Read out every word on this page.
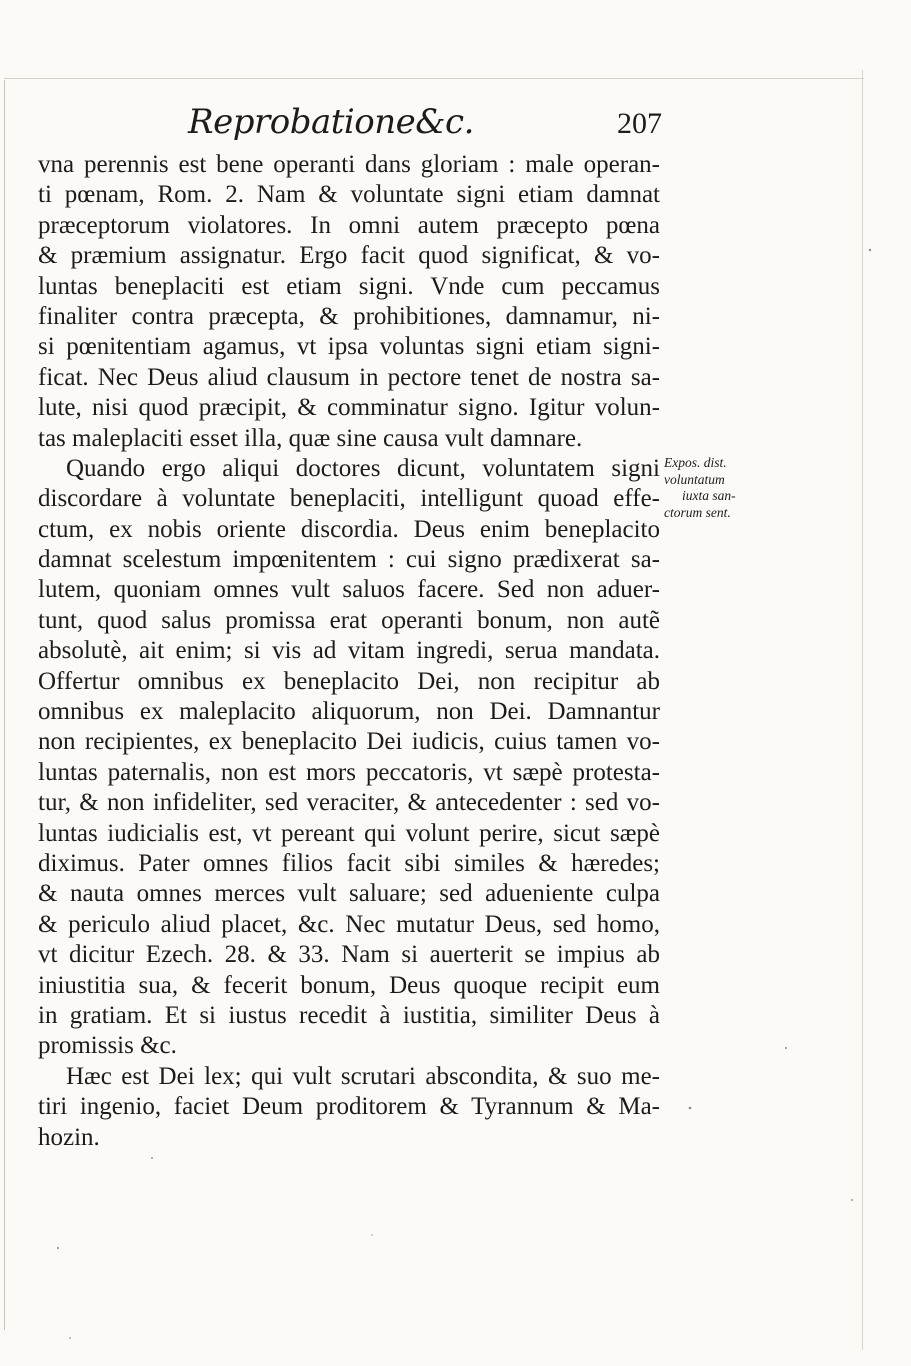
Reprobatione&c.	207
vna perennis est bene operanti dans gloriam : male operan-
ti pœnam, Rom. 2. Nam & voluntate signi etiam damnat
præceptorum violatores. In omni autem præcepto pœna
& præmium assignatur. Ergo facit quod significat, & vo-
luntas beneplaciti est etiam signi. Vnde cum peccamus
finaliter contra præcepta, & prohibitiones, damnamur, ni-
si pœnitentiam agamus, vt ipsa voluntas signi etiam signi-
ficat. Nec Deus aliud clausum in pectore tenet de nostra sa-
lute, nisi quod præcipit, & comminatur signo. Igitur volun-
tas maleplaciti esset illa, quæ sine causa vult damnare.
Quando ergo aliqui doctores dicunt, voluntatem signi
discordare à voluntate beneplaciti, intelligunt quoad effe-
ctum, ex nobis oriente discordia. Deus enim beneplacito
damnat scelestum impœnitentem : cui signo prædixerat sa-
lutem, quoniam omnes vult saluos facere. Sed non aduer-
tunt, quod salus promissa erat operanti bonum, non autẽ
absolutè, ait enim; si vis ad vitam ingredi, serua mandata.
Offertur omnibus ex beneplacito Dei, non recipitur ab
omnibus ex maleplacito aliquorum, non Dei. Damnantur
non recipientes, ex beneplacito Dei iudicis, cuius tamen vo-
luntas paternalis, non est mors peccatoris, vt sæpè protesta-
tur, & non infideliter, sed veraciter, & antecedenter : sed vo-
luntas iudicialis est, vt pereant qui volunt perire, sicut sæpè
diximus. Pater omnes filios facit sibi similes & hæredes;
& nauta omnes merces vult saluare; sed adueniente culpa
& periculo aliud placet, &c. Nec mutatur Deus, sed homo,
vt dicitur Ezech. 28. & 33. Nam si auerterit se impius ab
iniustitia sua, & fecerit bonum, Deus quoque recipit eum
in gratiam. Et si iustus recedit à iustitia, similiter Deus à
promissis &c.
Hæc est Dei lex; qui vult scrutari abscondita, & suo me-
tiri ingenio, faciet Deum proditorem & Tyrannum & Ma-
hozin.
Expos. dist.
voluntatum
iuxta san-
ctorum sent.
